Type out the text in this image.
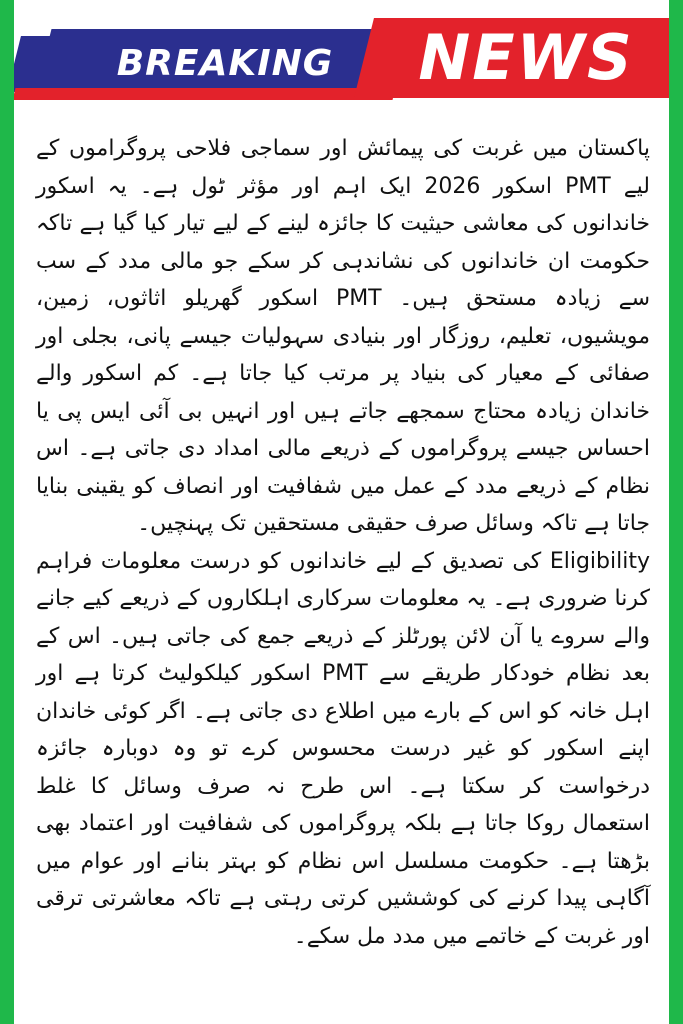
BREAKING	NEWS

پاکستان میں غربت کی پیمائش اور سماجی فلاحی پروگراموں کے لیے PMT اسکور 2026 ایک اہم اور مؤثر ٹول ہے۔ یہ اسکور خاندانوں کی معاشی حیثیت کا جائزہ لینے کے لیے تیار کیا گیا ہے تاکہ حکومت ان خاندانوں کی نشاندہی کر سکے جو مالی مدد کے سب سے زیادہ مستحق ہیں۔ PMT اسکور گھریلو اثاثوں، زمین، مویشیوں، تعلیم، روزگار اور بنیادی سہولیات جیسے پانی، بجلی اور صفائی کے معیار کی بنیاد پر مرتب کیا جاتا ہے۔ کم اسکور والے خاندان زیادہ محتاج سمجھے جاتے ہیں اور انہیں بی آئی ایس پی یا احساس جیسے پروگراموں کے ذریعے مالی امداد دی جاتی ہے۔ اس نظام کے ذریعے مدد کے عمل میں شفافیت اور انصاف کو یقینی بنایا جاتا ہے تاکہ وسائل صرف حقیقی مستحقین تک پہنچیں۔

Eligibility کی تصدیق کے لیے خاندانوں کو درست معلومات فراہم کرنا ضروری ہے۔ یہ معلومات سرکاری اہلکاروں کے ذریعے کیے جانے والے سروے یا آن لائن پورٹلز کے ذریعے جمع کی جاتی ہیں۔ اس کے بعد نظام خودکار طریقے سے PMT اسکور کیلکولیٹ کرتا ہے اور اہل خانہ کو اس کے بارے میں اطلاع دی جاتی ہے۔ اگر کوئی خاندان اپنے اسکور کو غیر درست محسوس کرے تو وہ دوبارہ جائزہ درخواست کر سکتا ہے۔ اس طرح نہ صرف وسائل کا غلط استعمال روکا جاتا ہے بلکہ پروگراموں کی شفافیت اور اعتماد بھی بڑھتا ہے۔ حکومت مسلسل اس نظام کو بہتر بنانے اور عوام میں آگاہی پیدا کرنے کی کوششیں کرتی رہتی ہے تاکہ معاشرتی ترقی اور غربت کے خاتمے میں مدد مل سکے۔
